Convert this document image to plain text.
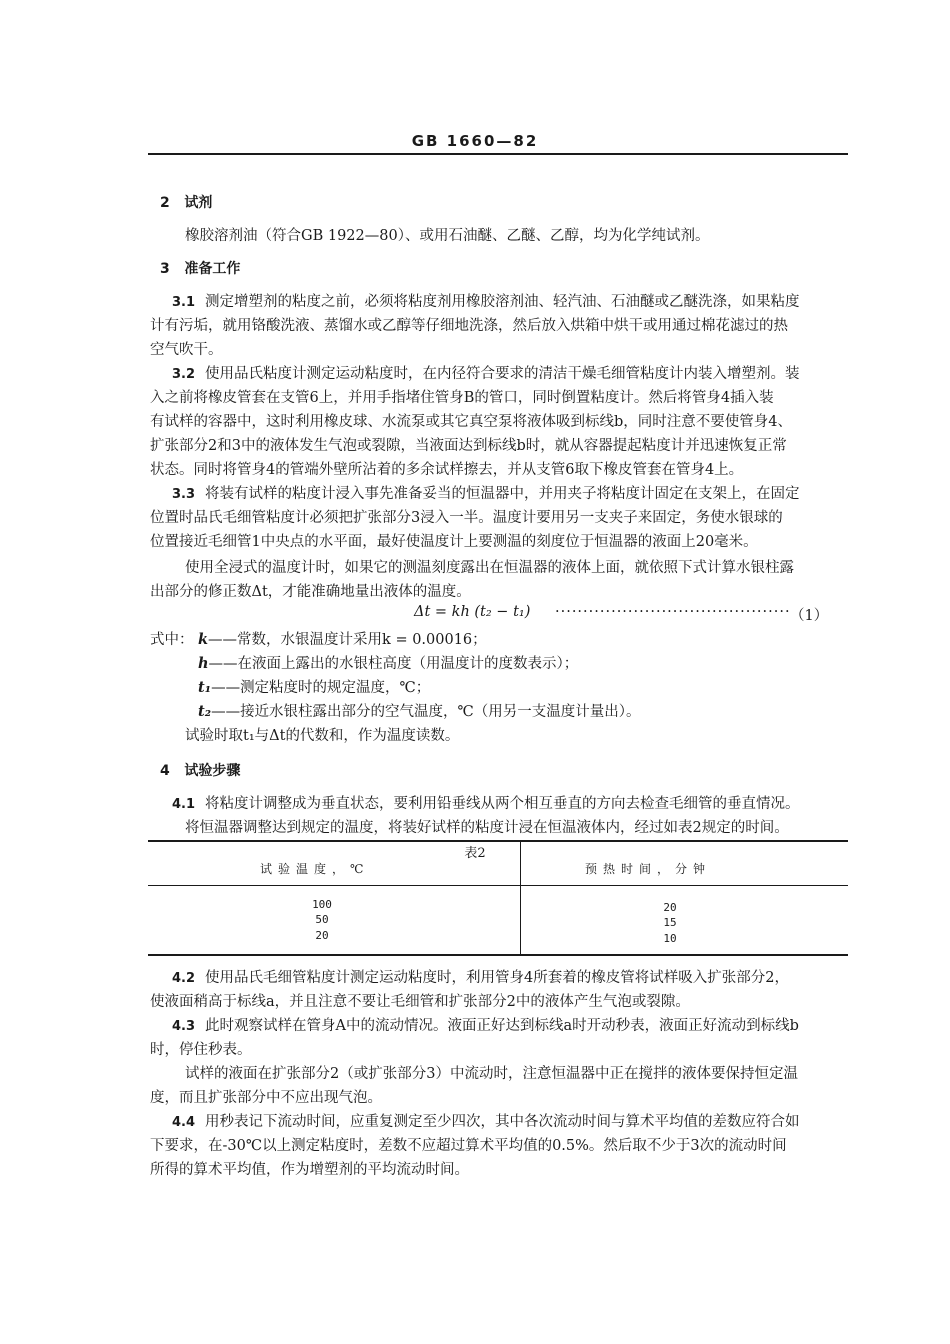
GB 1660—82
2 试剂
橡胶溶剂油（符合GB 1922—80）、或用石油醚、乙醚、乙醇，均为化学纯试剂。
3 准备工作
3.1 测定增塑剂的粘度之前，必须将粘度剂用橡胶溶剂油、轻汽油、石油醚或乙醚洗涤，如果粘度
计有污垢，就用铬酸洗液、蒸馏水或乙醇等仔细地洗涤，然后放入烘箱中烘干或用通过棉花滤过的热
空气吹干。
3.2 使用品氏粘度计测定运动粘度时，在内径符合要求的清洁干燥毛细管粘度计内装入增塑剂。装
入之前将橡皮管套在支管6上，并用手指堵住管身B的管口，同时倒置粘度计。然后将管身4插入装
有试样的容器中，这时利用橡皮球、水流泵或其它真空泵将液体吸到标线b，同时注意不要使管身4、
扩张部分2和3中的液体发生气泡或裂隙，当液面达到标线b时，就从容器提起粘度计并迅速恢复正常
状态。同时将管身4的管端外壁所沾着的多余试样擦去，并从支管6取下橡皮管套在管身4上。
3.3 将装有试样的粘度计浸入事先准备妥当的恒温器中，并用夹子将粘度计固定在支架上，在固定
位置时品氏毛细管粘度计必须把扩张部分3浸入一半。温度计要用另一支夹子来固定，务使水银球的
位置接近毛细管1中央点的水平面，最好使温度计上要测温的刻度位于恒温器的液面上20毫米。
使用全浸式的温度计时，如果它的测温刻度露出在恒温器的液体上面，就依照下式计算水银柱露
出部分的修正数Δt，才能准确地量出液体的温度。
Δt = kh (t₂ − t₁) ·········································· （1）
式中： k——常数，水银温度计采用k = 0.00016；
h——在液面上露出的水银柱高度（用温度计的度数表示）；
t₁——测定粘度时的规定温度，℃；
t₂——接近水银柱露出部分的空气温度，℃（用另一支温度计量出）。
试验时取t₁与Δt的代数和，作为温度读数。
4 试验步骤
4.1 将粘度计调整成为垂直状态，要利用铅垂线从两个相互垂直的方向去检查毛细管的垂直情况。
将恒温器调整达到规定的温度，将装好试样的粘度计浸在恒温液体内，经过如表2规定的时间。
表2
试验温度，℃	预热时间，分钟
100
50
20
20
15
10
4.2 使用品氏毛细管粘度计测定运动粘度时，利用管身4所套着的橡皮管将试样吸入扩张部分2，
使液面稍高于标线a，并且注意不要让毛细管和扩张部分2中的液体产生气泡或裂隙。
4.3 此时观察试样在管身A中的流动情况。液面正好达到标线a时开动秒表，液面正好流动到标线b
时，停住秒表。
试样的液面在扩张部分2（或扩张部分3）中流动时，注意恒温器中正在搅拌的液体要保持恒定温
度，而且扩张部分中不应出现气泡。
4.4 用秒表记下流动时间，应重复测定至少四次，其中各次流动时间与算术平均值的差数应符合如
下要求，在-30℃以上测定粘度时，差数不应超过算术平均值的0.5%。然后取不少于3次的流动时间
所得的算术平均值，作为增塑剂的平均流动时间。
